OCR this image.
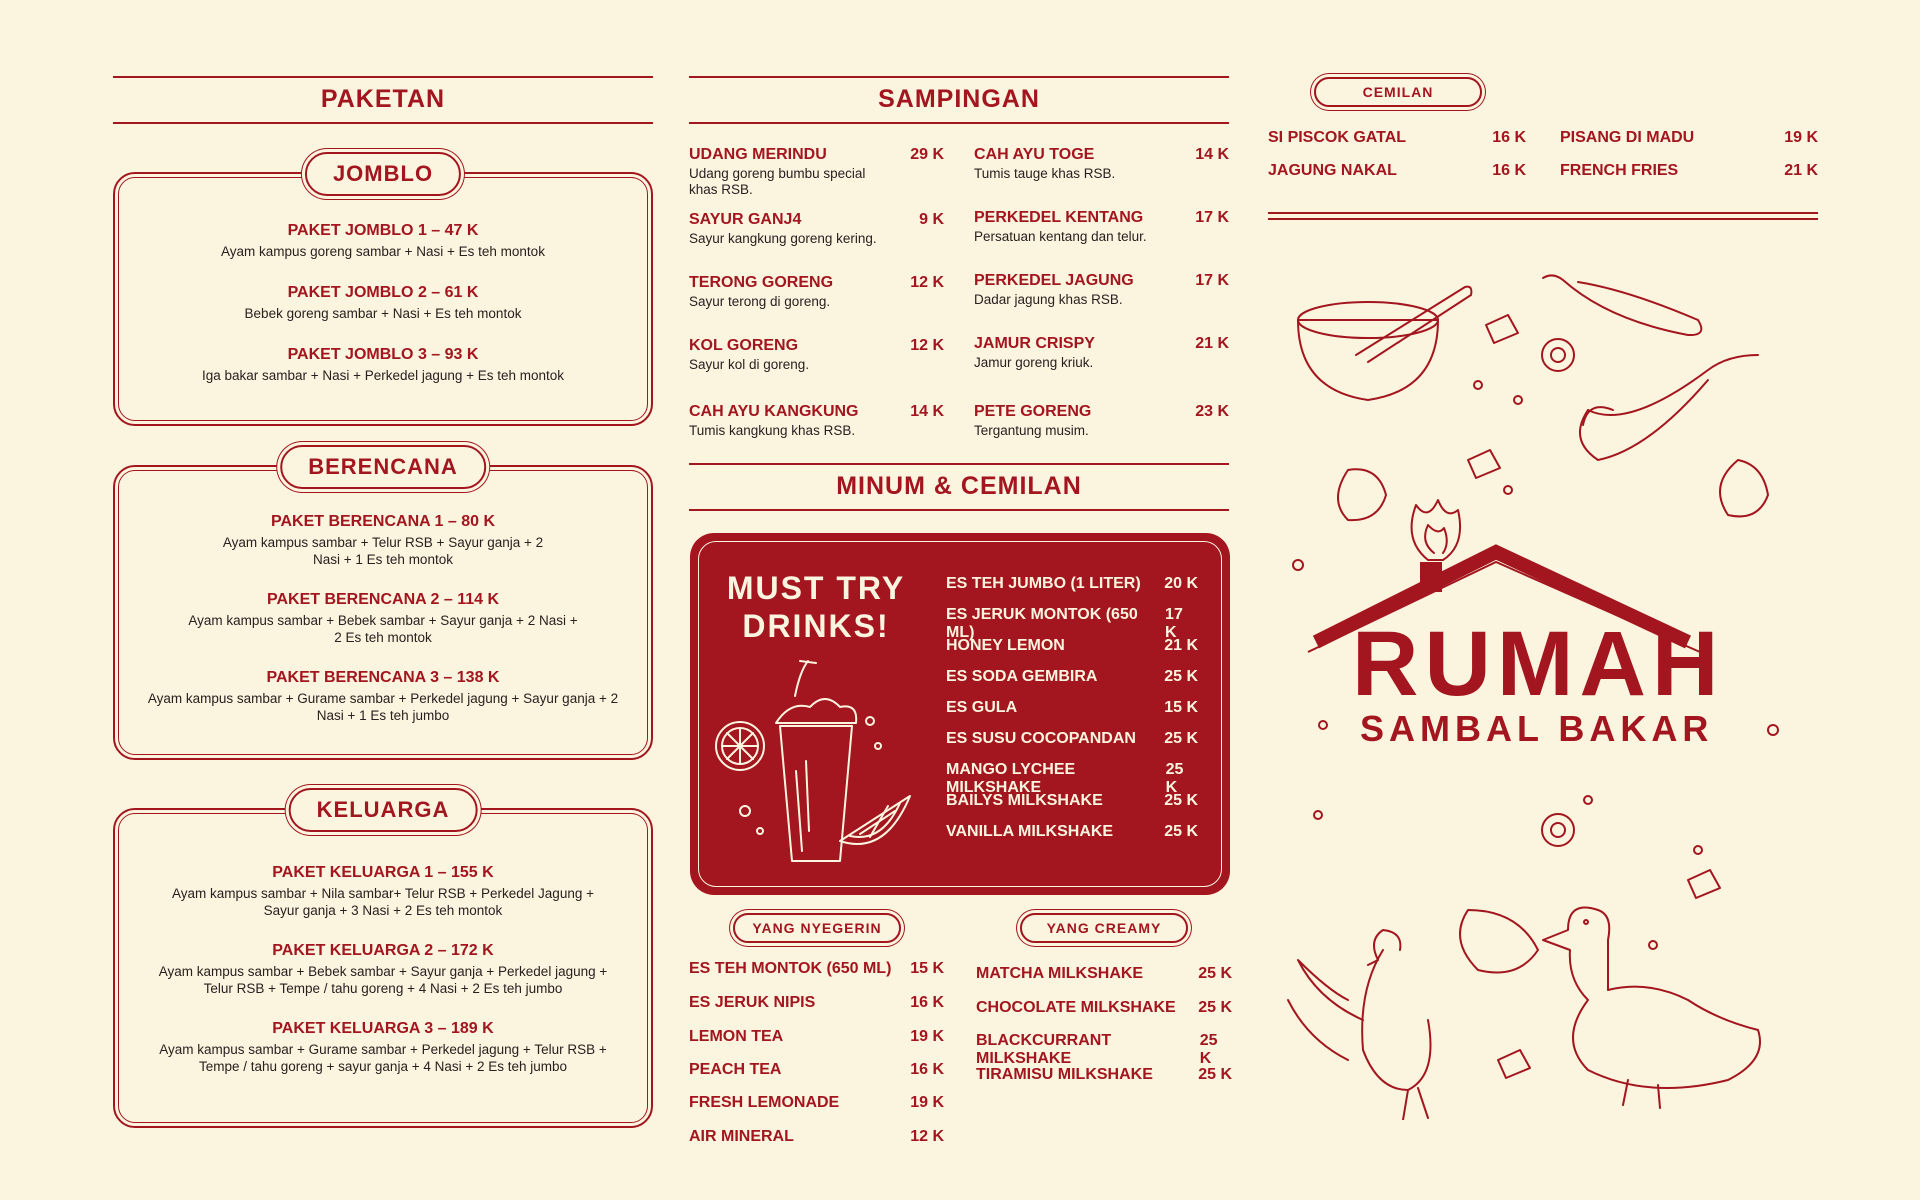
PAKETAN
JOMBLO
PAKET JOMBLO 1 – 47 K
Ayam kampus goreng sambar + Nasi + Es teh montok
PAKET JOMBLO 2 – 61 K
Bebek goreng sambar + Nasi + Es teh montok
PAKET JOMBLO 3 – 93 K
Iga bakar sambar + Nasi + Perkedel jagung + Es teh montok
BERENCANA
PAKET BERENCANA 1 – 80 K
Ayam kampus sambar + Telur RSB + Sayur ganja + 2 Nasi + 1 Es teh montok
PAKET BERENCANA 2 – 114 K
Ayam kampus sambar + Bebek sambar + Sayur ganja + 2 Nasi + 2 Es teh montok
PAKET BERENCANA 3 – 138 K
Ayam kampus sambar + Gurame sambar + Perkedel jagung + Sayur ganja + 2 Nasi + 1 Es teh jumbo
KELUARGA
PAKET KELUARGA 1 – 155 K
Ayam kampus sambar + Nila sambar+ Telur RSB + Perkedel Jagung + Sayur ganja + 3 Nasi + 2 Es teh montok
PAKET KELUARGA 2 – 172 K
Ayam kampus sambar + Bebek sambar + Sayur ganja + Perkedel jagung + Telur RSB + Tempe / tahu goreng + 4 Nasi + 2 Es teh jumbo
PAKET KELUARGA 3 – 189 K
Ayam kampus sambar + Gurame sambar + Perkedel jagung + Telur RSB + Tempe / tahu goreng + sayur ganja + 4 Nasi + 2 Es teh jumbo
SAMPINGAN
UDANG MERINDU	29 K
Udang goreng bumbu special khas RSB.
SAYUR GANJ4	9 K
Sayur kangkung goreng kering.
TERONG GORENG	12 K
Sayur terong di goreng.
KOL GORENG	12 K
Sayur kol di goreng.
CAH AYU KANGKUNG	14 K
Tumis kangkung khas RSB.
CAH AYU TOGE	14 K
Tumis tauge khas RSB.
PERKEDEL KENTANG	17 K
Persatuan kentang dan telur.
PERKEDEL JAGUNG	17 K
Dadar jagung khas RSB.
JAMUR CRISPY	21 K
Jamur goreng kriuk.
PETE GORENG	23 K
Tergantung musim.
MINUM & CEMILAN
MUST TRY DRINKS!
ES TEH JUMBO (1 LITER) 20 K
ES JERUK MONTOK (650 ML)
17 K
HONEY LEMON	21 K
ES SODA GEMBIRA	25 K
ES GULA	15 K
ES SUSU COCOPANDAN 25 K
MANGO LYCHEE MILKSHAKE
25 K
BAILYS MILKSHAKE	25 K
VANILLA MILKSHAKE	25 K
YANG NYEGERIN
ES TEH MONTOK (650 ML) 15 K
ES JERUK NIPIS	16 K
LEMON TEA	19 K
PEACH TEA	16 K
FRESH LEMONADE	19 K
AIR MINERAL	12 K
YANG CREAMY
MATCHA MILKSHAKE	25 K
CHOCOLATE MILKSHAKE 25 K
BLACKCURRANT MILKSHAKE
25 K
TIRAMISU MILKSHAKE	25 K
CEMILAN
SI PISCOK GATAL	16 K
JAGUNG NAKAL	16 K
PISANG DI MADU	19 K
FRENCH FRIES	21 K
RUMAH
SAMBAL BAKAR
